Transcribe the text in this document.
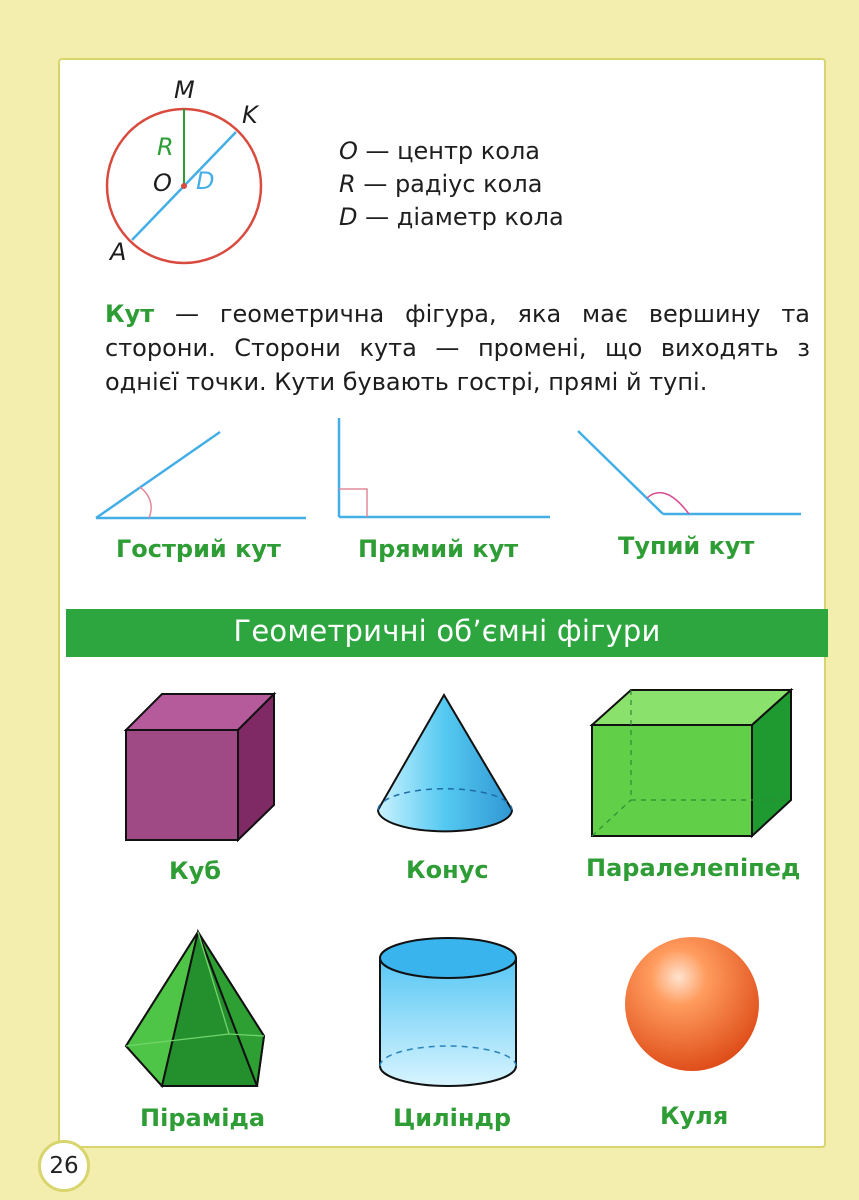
M
K
O
A
R
D
O — центр кола
R — радіус кола
D — діаметр кола
Кут — геометрична фігура, яка має вершину та сторони. Сторони кута — промені, що виходять з однієї точки. Кути бувають гострі, прямі й тупі.
Гострий кут	Прямий кут	Тупий кут
Геометричні об’ємні фігури
Куб	Конус	Паралелепіпед
Піраміда	Циліндр	Куля
26
